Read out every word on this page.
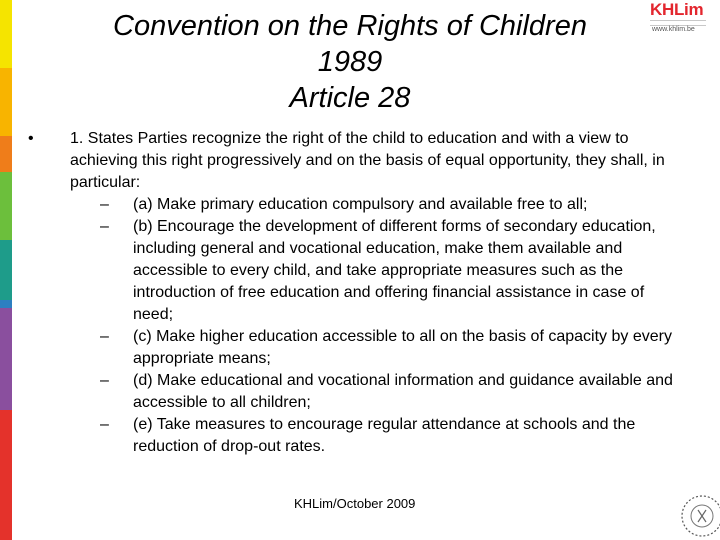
Convention on the Rights of Children
1989
Article 28
KHLim
www.khlim.be
•	1. States Parties recognize the right of the child to education and with a view to achieving this right progressively and on the basis of equal opportunity, they shall, in particular:
–	(a) Make primary education compulsory and available free to all;
–	(b) Encourage the development of different forms of secondary education, including general and vocational education, make them available and accessible to every child, and take appropriate measures such as the introduction of free education and offering financial assistance in case of need;
–	(c) Make higher education accessible to all on the basis of capacity by every appropriate means;
–	(d) Make educational and vocational information and guidance available and accessible to all children;
–	(e) Take measures to encourage regular attendance at schools and the reduction of drop-out rates.
KHLim/October 2009
